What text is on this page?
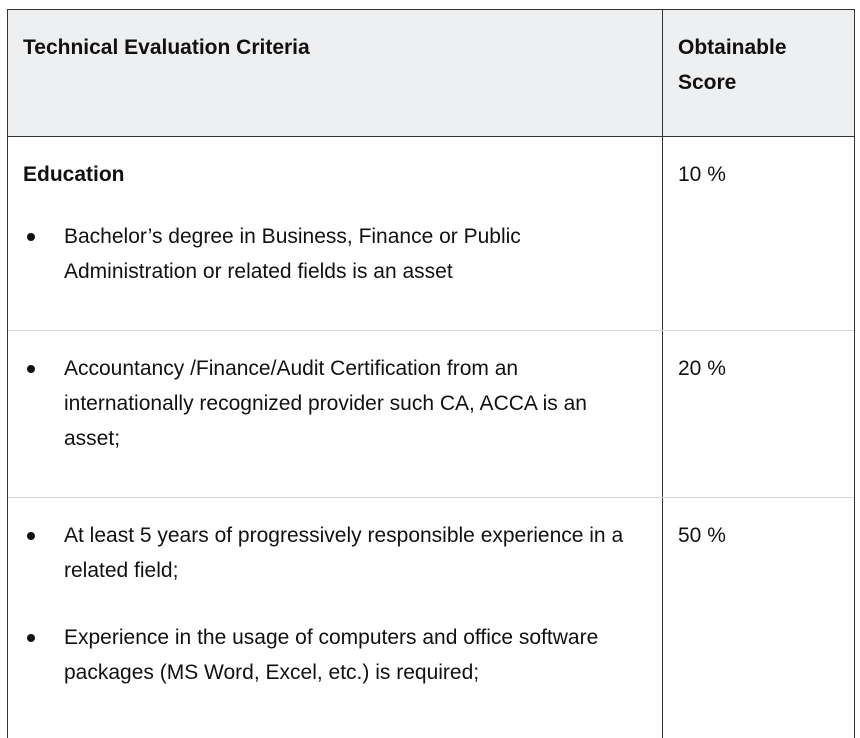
Technical Evaluation Criteria	Obtainable
Score
Education
Bachelor’s degree in Business, Finance or Public Administration or related fields is an asset
10 %
Accountancy /Finance/Audit Certification from an internationally recognized provider such CA, ACCA is an asset;
20 %
At least 5 years of progressively responsible experience in a related field;
Experience in the usage of computers and office software packages (MS Word, Excel, etc.) is required;
50 %
